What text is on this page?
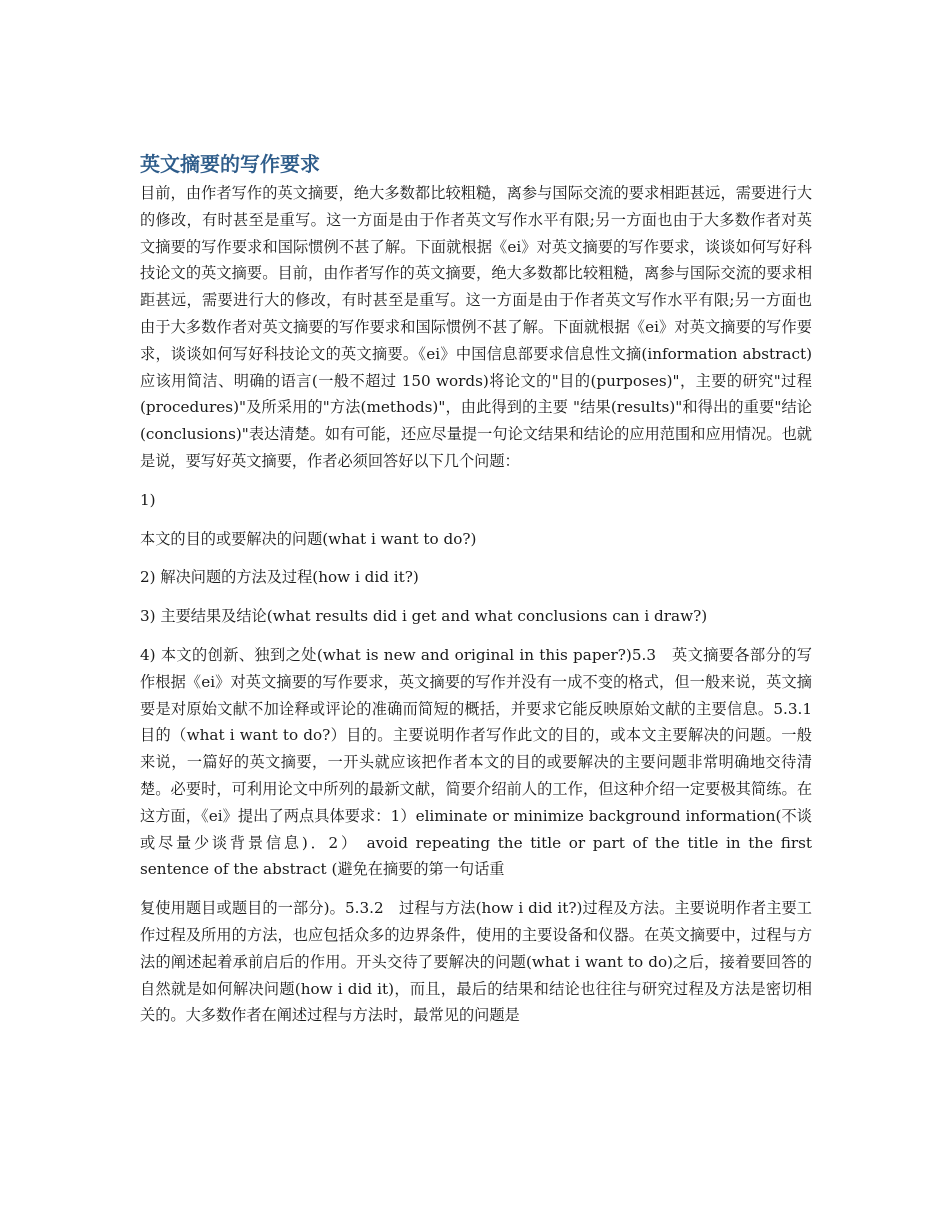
英文摘要的写作要求

目前，由作者写作的英文摘要，绝大多数都比较粗糙，离参与国际交流的要求相距甚远，需要进行大的修改，有时甚至是重写。这一方面是由于作者英文写作水平有限;另一方面也由于大多数作者对英文摘要的写作要求和国际惯例不甚了解。下面就根据《ei》对英文摘要的写作要求，谈谈如何写好科技论文的英文摘要。目前，由作者写作的英文摘要，绝大多数都比较粗糙，离参与国际交流的要求相距甚远，需要进行大的修改，有时甚至是重写。这一方面是由于作者英文写作水平有限;另一方面也由于大多数作者对英文摘要的写作要求和国际惯例不甚了解。下面就根据《ei》对英文摘要的写作要求，谈谈如何写好科技论文的英文摘要。《ei》中国信息部要求信息性文摘(information abstract)应该用简洁、明确的语言(一般不超过 150 words)将论文的"目的(purposes)"，主要的研究"过程(procedures)"及所采用的"方法(methods)"，由此得到的主要 "结果(results)"和得出的重要"结论(conclusions)"表达清楚。如有可能，还应尽量提一句论文结果和结论的应用范围和应用情况。也就是说，要写好英文摘要，作者必须回答好以下几个问题：

1)

本文的目的或要解决的问题(what i want to do?)

2) 解决问题的方法及过程(how i did it?)

3) 主要结果及结论(what results did i get and what conclusions can i draw?)

4) 本文的创新、独到之处(what is new and original in this paper?)5.3　英文摘要各部分的写作根据《ei》对英文摘要的写作要求，英文摘要的写作并没有一成不变的格式，但一般来说，英文摘要是对原始文献不加诠释或评论的准确而简短的概括，并要求它能反映原始文献的主要信息。5.3.1　目的（what i want to do?）目的。主要说明作者写作此文的目的，或本文主要解决的问题。一般来说，一篇好的英文摘要，一开头就应该把作者本文的目的或要解决的主要问题非常明确地交待清楚。必要时，可利用论文中所列的最新文献，简要介绍前人的工作，但这种介绍一定要极其简练。在这方面，《ei》提出了两点具体要求：1）eliminate or minimize background information(不谈或尽量少谈背景信息)．2） avoid repeating the title or part of the title in the first sentence of the abstract (避免在摘要的第一句话重

复使用题目或题目的一部分)。5.3.2　过程与方法(how i did it?)过程及方法。主要说明作者主要工作过程及所用的方法，也应包括众多的边界条件，使用的主要设备和仪器。在英文摘要中，过程与方法的阐述起着承前启后的作用。开头交待了要解决的问题(what i want to do)之后，接着要回答的自然就是如何解决问题(how i did it)，而且，最后的结果和结论也往往与研究过程及方法是密切相关的。大多数作者在阐述过程与方法时，最常见的问题是
